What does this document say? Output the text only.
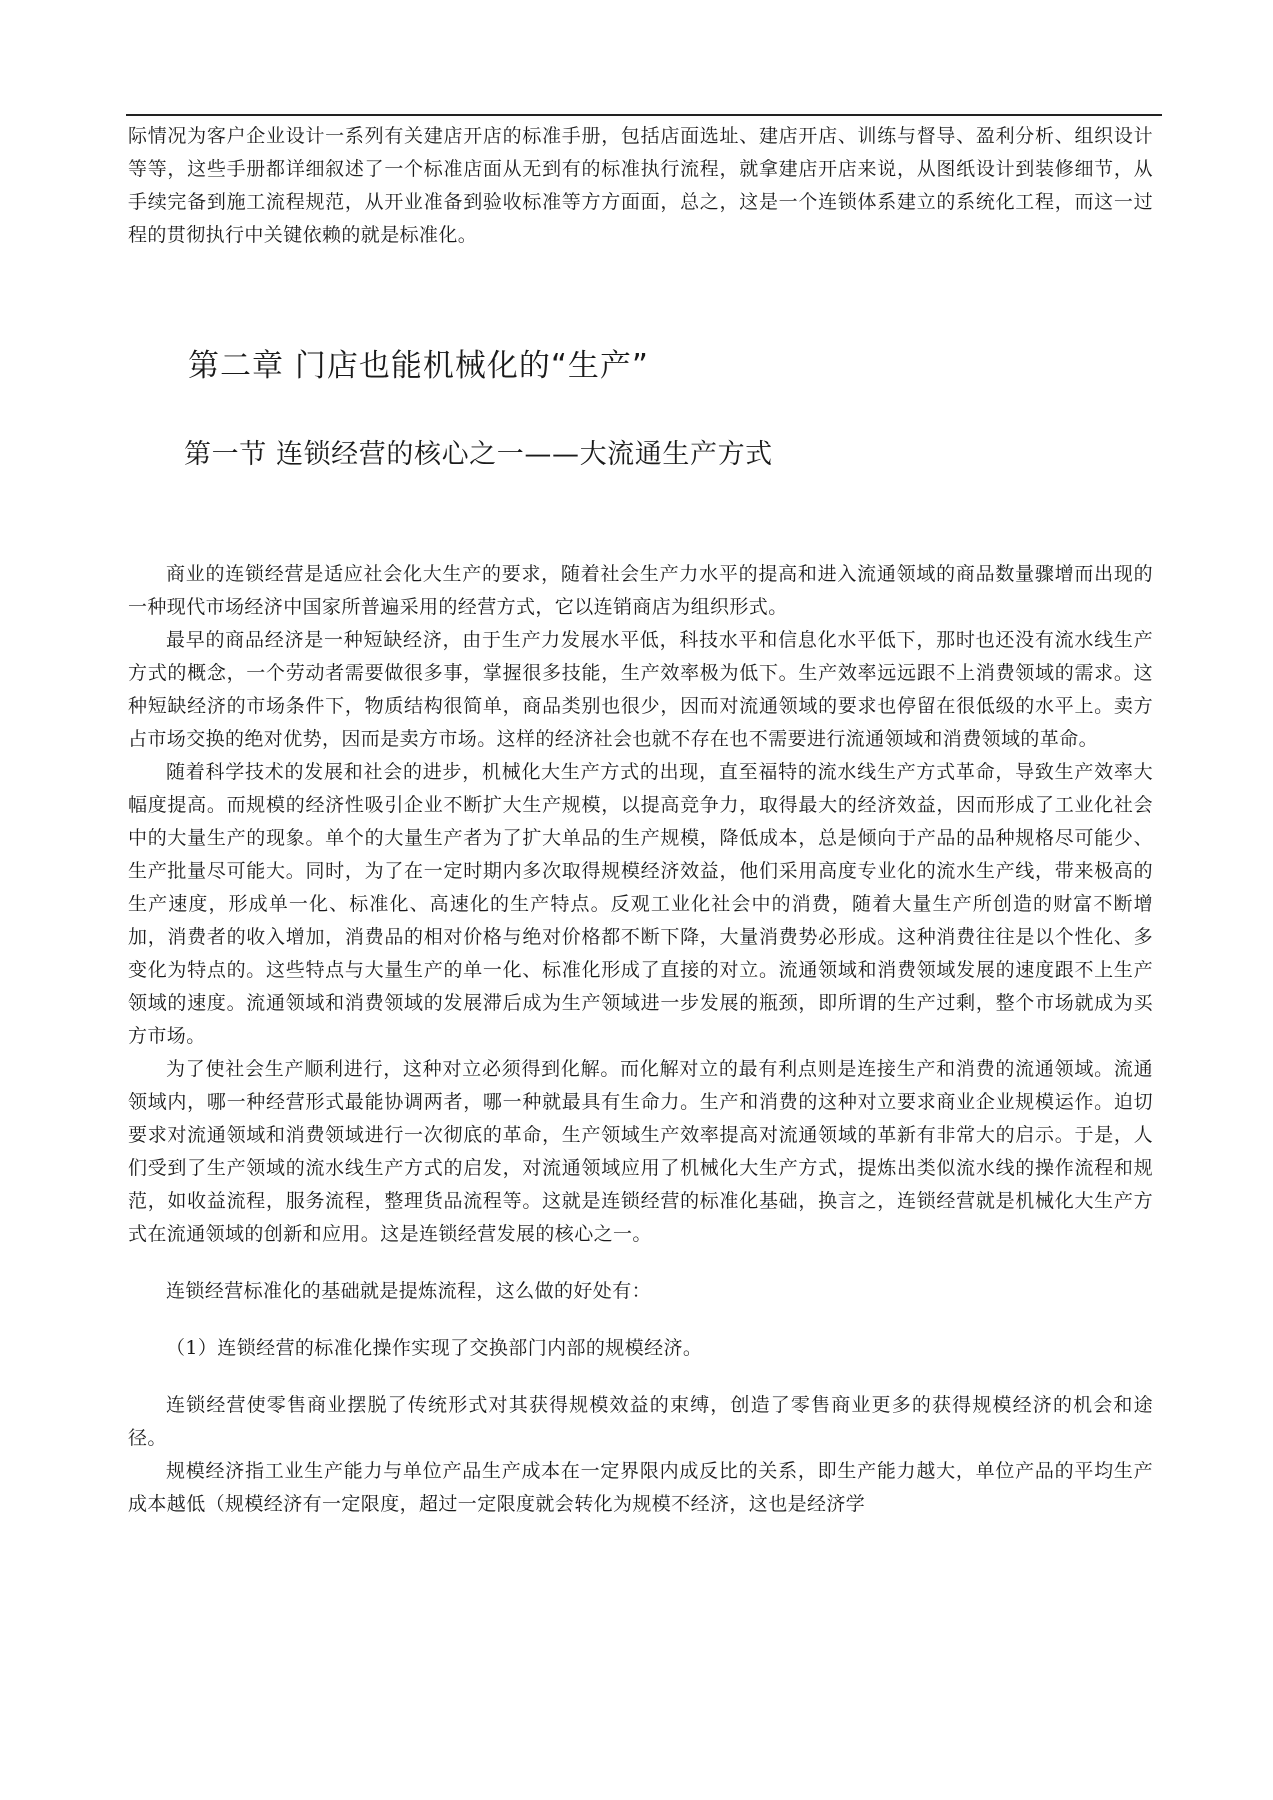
际情况为客户企业设计一系列有关建店开店的标准手册，包括店面选址、建店开店、训练与督导、盈利分析、组织设计等等，这些手册都详细叙述了一个标准店面从无到有的标准执行流程，就拿建店开店来说，从图纸设计到装修细节，从手续完备到施工流程规范，从开业准备到验收标准等方方面面，总之，这是一个连锁体系建立的系统化工程，而这一过程的贯彻执行中关键依赖的就是标准化。

第二章 门店也能机械化的“生产”
第一节 连锁经营的核心之一——大流通生产方式

商业的连锁经营是适应社会化大生产的要求，随着社会生产力水平的提高和进入流通领域的商品数量骤增而出现的一种现代市场经济中国家所普遍采用的经营方式，它以连销商店为组织形式。

最早的商品经济是一种短缺经济，由于生产力发展水平低，科技水平和信息化水平低下，那时也还没有流水线生产方式的概念，一个劳动者需要做很多事，掌握很多技能，生产效率极为低下。生产效率远远跟不上消费领域的需求。这种短缺经济的市场条件下，物质结构很简单，商品类别也很少，因而对流通领域的要求也停留在很低级的水平上。卖方占市场交换的绝对优势，因而是卖方市场。这样的经济社会也就不存在也不需要进行流通领域和消费领域的革命。

随着科学技术的发展和社会的进步，机械化大生产方式的出现，直至福特的流水线生产方式革命，导致生产效率大幅度提高。而规模的经济性吸引企业不断扩大生产规模，以提高竞争力，取得最大的经济效益，因而形成了工业化社会中的大量生产的现象。单个的大量生产者为了扩大单品的生产规模，降低成本，总是倾向于产品的品种规格尽可能少、生产批量尽可能大。同时，为了在一定时期内多次取得规模经济效益，他们采用高度专业化的流水生产线，带来极高的生产速度，形成单一化、标准化、高速化的生产特点。反观工业化社会中的消费，随着大量生产所创造的财富不断增加，消费者的收入增加，消费品的相对价格与绝对价格都不断下降，大量消费势必形成。这种消费往往是以个性化、多变化为特点的。这些特点与大量生产的单一化、标准化形成了直接的对立。流通领域和消费领域发展的速度跟不上生产领域的速度。流通领域和消费领域的发展滞后成为生产领域进一步发展的瓶颈，即所谓的生产过剩，整个市场就成为买方市场。

为了使社会生产顺利进行，这种对立必须得到化解。而化解对立的最有利点则是连接生产和消费的流通领域。流通领域内，哪一种经营形式最能协调两者，哪一种就最具有生命力。生产和消费的这种对立要求商业企业规模运作。迫切要求对流通领域和消费领域进行一次彻底的革命，生产领域生产效率提高对流通领域的革新有非常大的启示。于是，人们受到了生产领域的流水线生产方式的启发，对流通领域应用了机械化大生产方式，提炼出类似流水线的操作流程和规范，如收益流程，服务流程，整理货品流程等。这就是连锁经营的标准化基础，换言之，连锁经营就是机械化大生产方式在流通领域的创新和应用。这是连锁经营发展的核心之一。

连锁经营标准化的基础就是提炼流程，这么做的好处有：

（1）连锁经营的标准化操作实现了交换部门内部的规模经济。

连锁经营使零售商业摆脱了传统形式对其获得规模效益的束缚，创造了零售商业更多的获得规模经济的机会和途径。

规模经济指工业生产能力与单位产品生产成本在一定界限内成反比的关系，即生产能力越大，单位产品的平均生产成本越低（规模经济有一定限度，超过一定限度就会转化为规模不经济，这也是经济学
